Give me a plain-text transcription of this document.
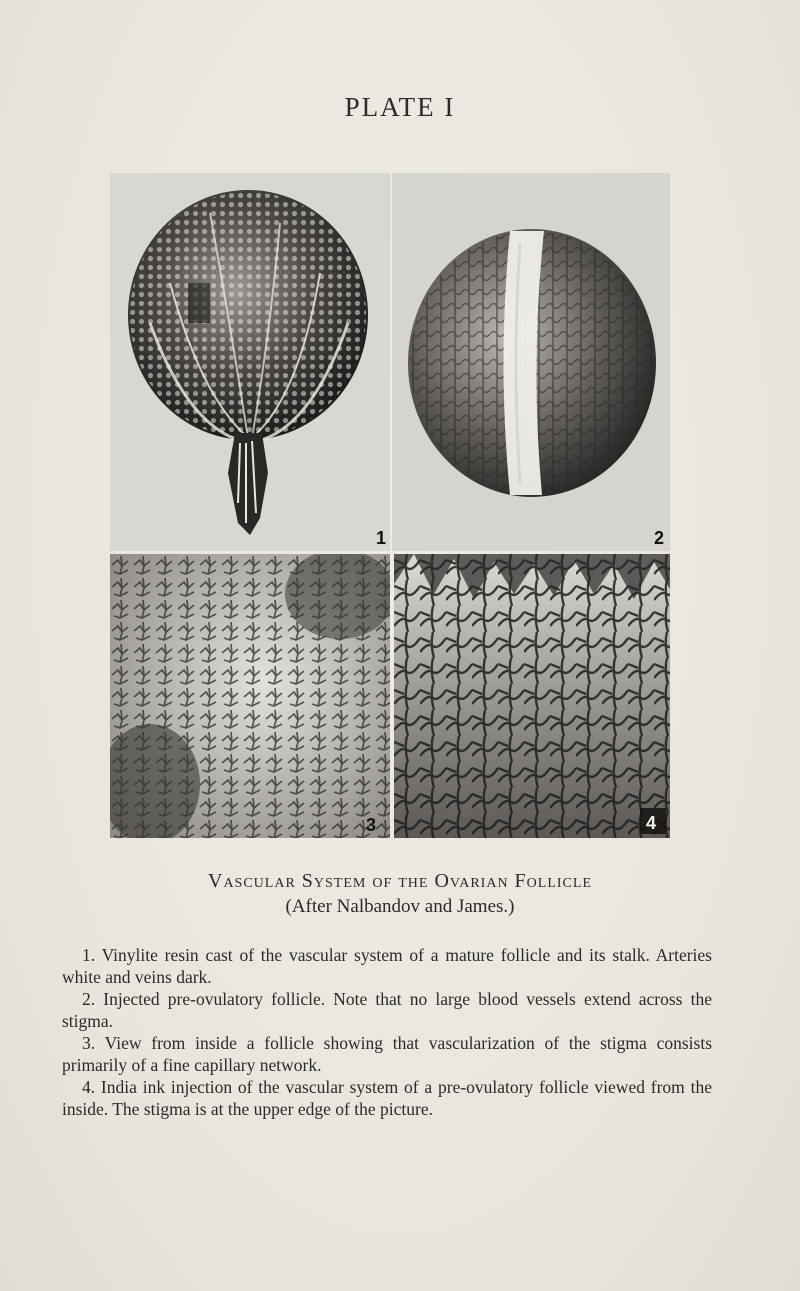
PLATE I
1	2
3	4
Vascular System of the Ovarian Follicle
(After Nalbandov and James.)

1. Vinylite resin cast of the vascular system of a mature follicle and its stalk. Arteries white and veins dark.

2. Injected pre-ovulatory follicle. Note that no large blood vessels extend across the stigma.

3. View from inside a follicle showing that vascularization of the stigma consists primarily of a fine capillary network.

4. India ink injection of the vascular system of a pre-ovulatory follicle viewed from the inside. The stigma is at the upper edge of the picture.
